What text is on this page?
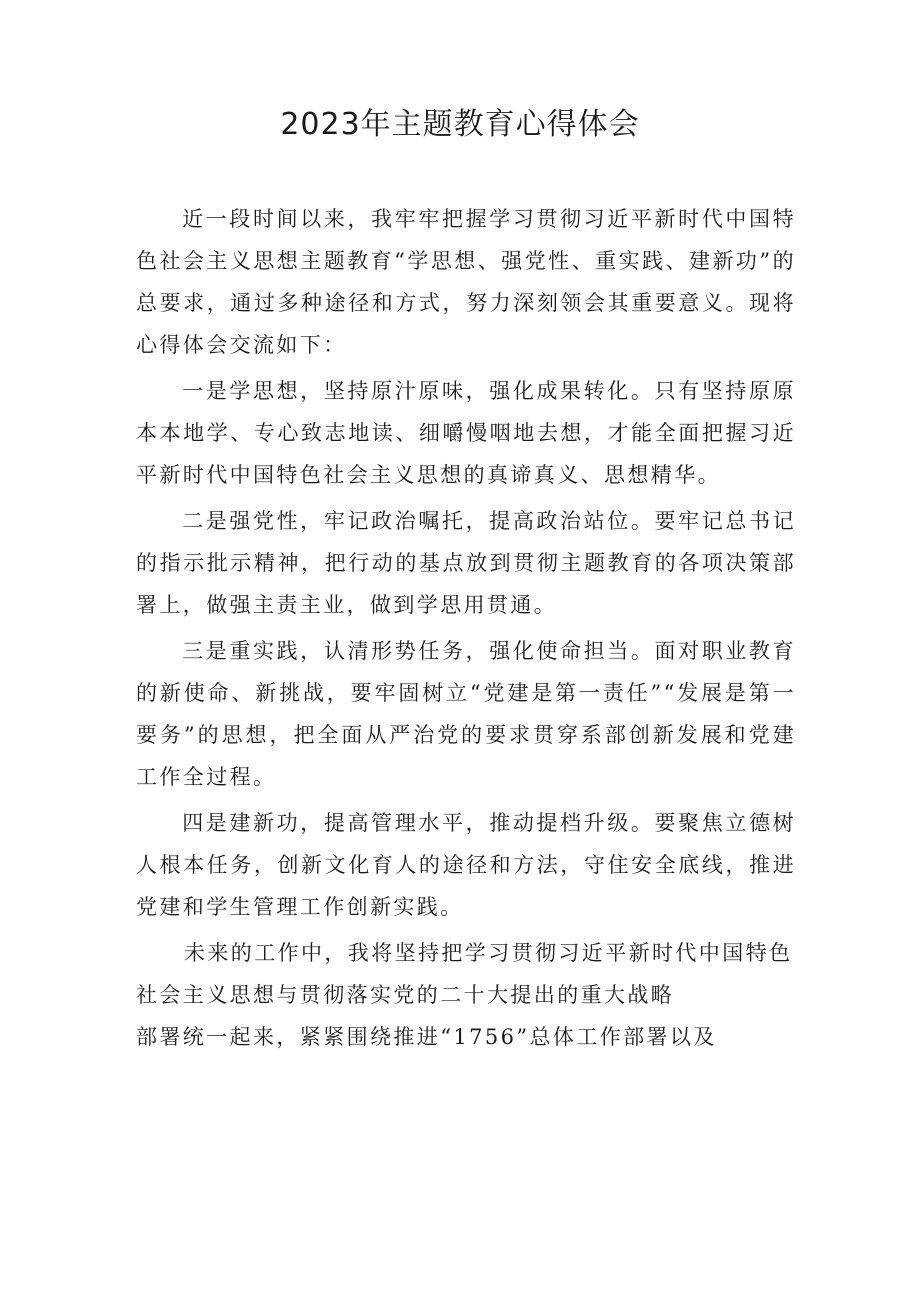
2023年主题教育心得体会

近一段时间以来，我牢牢把握学习贯彻习近平新时代中国特色社会主义思想主题教育“学思想、强党性、重实践、建新功”的总要求，通过多种途径和方式，努力深刻领会其重要意义。现将心得体会交流如下：

一是学思想，坚持原汁原味，强化成果转化。只有坚持原原本本地学、专心致志地读、细嚼慢咽地去想，才能全面把握习近平新时代中国特色社会主义思想的真谛真义、思想精华。

二是强党性，牢记政治嘱托，提高政治站位。要牢记总书记的指示批示精神，把行动的基点放到贯彻主题教育的各项决策部署上，做强主责主业，做到学思用贯通。

三是重实践，认清形势任务，强化使命担当。面对职业教育的新使命、新挑战，要牢固树立“党建是第一责任”“发展是第一要务”的思想，把全面从严治党的要求贯穿系部创新发展和党建工作全过程。

四是建新功，提高管理水平，推动提档升级。要聚焦立德树人根本任务，创新文化育人的途径和方法，守住安全底线，推进党建和学生管理工作创新实践。

未来的工作中，我将坚持把学习贯彻习近平新时代中国特色
社会主义思想与贯彻落实党的二十大提出的重大战略
部署统一起来，紧紧围绕推进“1756”总体工作部署以及
